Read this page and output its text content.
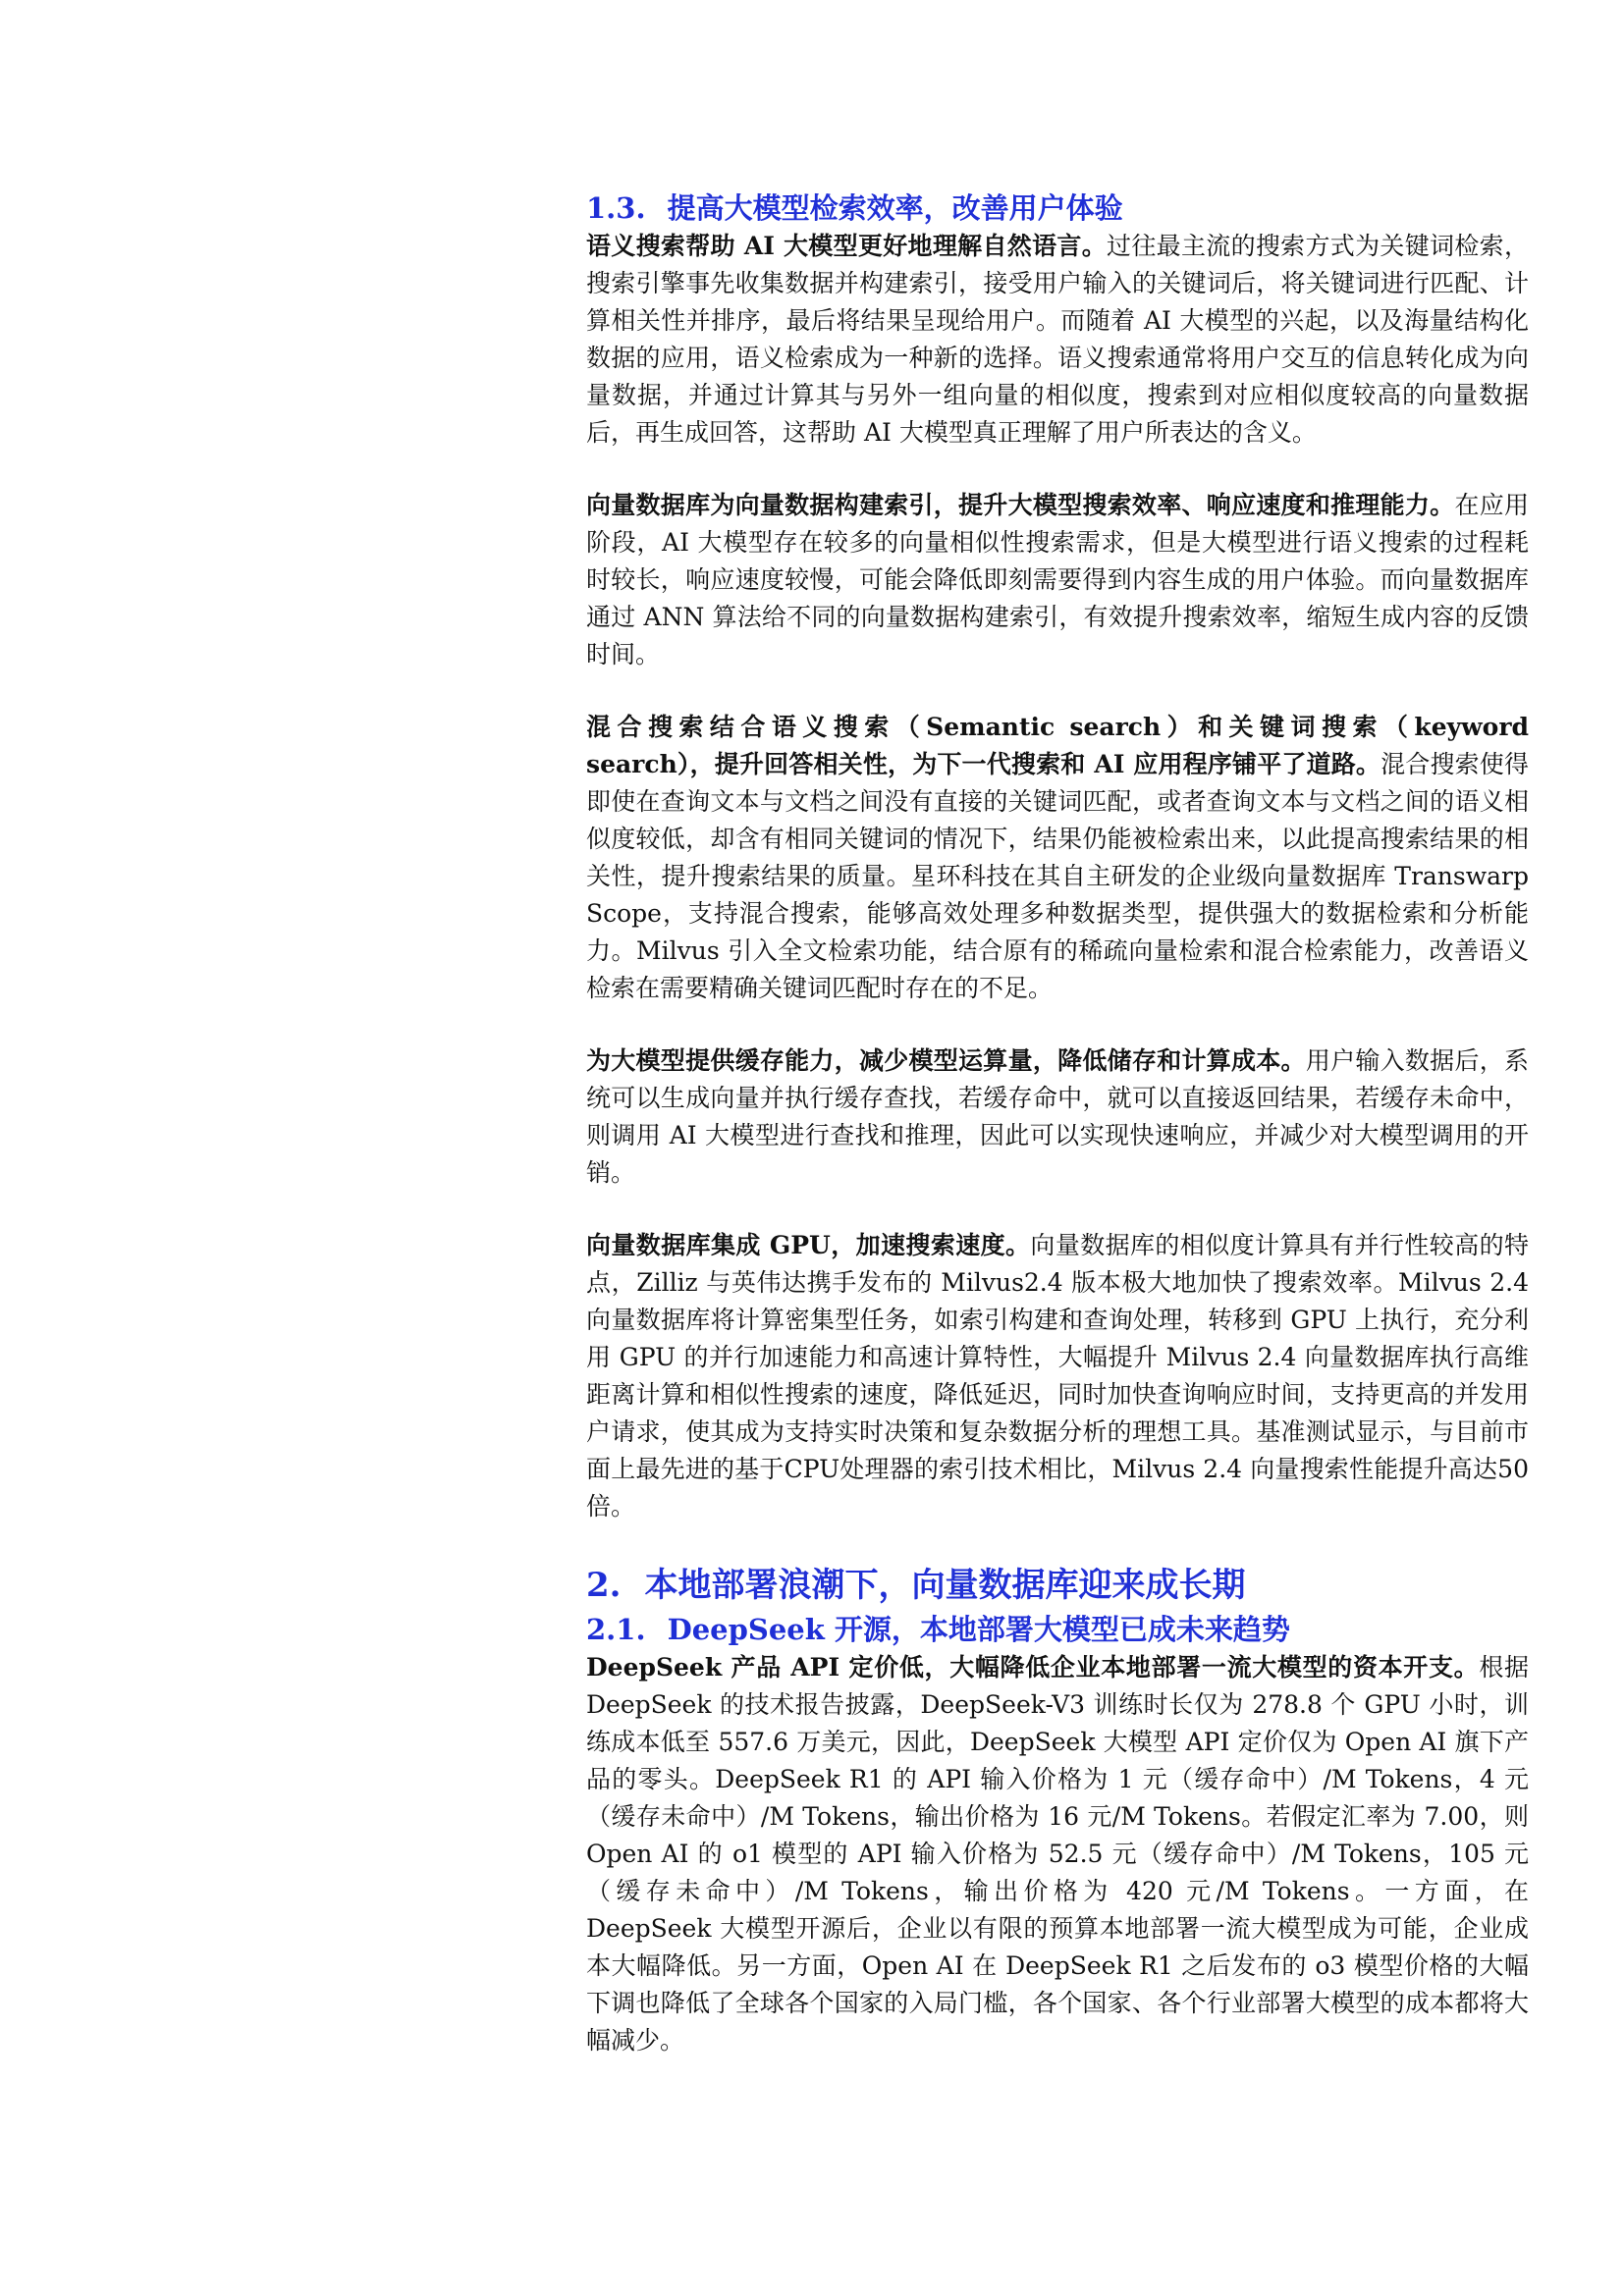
1.3. 提高大模型检索效率，改善用户体验

语义搜索帮助 AI 大模型更好地理解自然语言。过往最主流的搜索方式为关键词检索，搜索引擎事先收集数据并构建索引，接受用户输入的关键词后，将关键词进行匹配、计算相关性并排序，最后将结果呈现给用户。而随着 AI 大模型的兴起，以及海量结构化数据的应用，语义检索成为一种新的选择。语义搜索通常将用户交互的信息转化成为向量数据，并通过计算其与另外一组向量的相似度，搜索到对应相似度较高的向量数据后，再生成回答，这帮助 AI 大模型真正理解了用户所表达的含义。

向量数据库为向量数据构建索引，提升大模型搜索效率、响应速度和推理能力。在应用阶段，AI 大模型存在较多的向量相似性搜索需求，但是大模型进行语义搜索的过程耗时较长，响应速度较慢，可能会降低即刻需要得到内容生成的用户体验。而向量数据库通过 ANN 算法给不同的向量数据构建索引，有效提升搜索效率，缩短生成内容的反馈时间。

混合搜索结合语义搜索（Semantic search）和关键词搜索（keyword search），提升回答相关性，为下一代搜索和 AI 应用程序铺平了道路。混合搜索使得即使在查询文本与文档之间没有直接的关键词匹配，或者查询文本与文档之间的语义相似度较低，却含有相同关键词的情况下，结果仍能被检索出来，以此提高搜索结果的相关性，提升搜索结果的质量。星环科技在其自主研发的企业级向量数据库 Transwarp Scope，支持混合搜索，能够高效处理多种数据类型，提供强大的数据检索和分析能力。Milvus 引入全文检索功能，结合原有的稀疏向量检索和混合检索能力，改善语义检索在需要精确关键词匹配时存在的不足。

为大模型提供缓存能力，减少模型运算量，降低储存和计算成本。用户输入数据后，系统可以生成向量并执行缓存查找，若缓存命中，就可以直接返回结果，若缓存未命中，则调用 AI 大模型进行查找和推理，因此可以实现快速响应，并减少对大模型调用的开销。

向量数据库集成 GPU，加速搜索速度。向量数据库的相似度计算具有并行性较高的特点，Zilliz 与英伟达携手发布的 Milvus2.4 版本极大地加快了搜索效率。Milvus 2.4 向量数据库将计算密集型任务，如索引构建和查询处理，转移到 GPU 上执行，充分利用 GPU 的并行加速能力和高速计算特性，大幅提升 Milvus 2.4 向量数据库执行高维距离计算和相似性搜索的速度，降低延迟，同时加快查询响应时间，支持更高的并发用户请求，使其成为支持实时决策和复杂数据分析的理想工具。基准测试显示，与目前市面上最先进的基于CPU处理器的索引技术相比，Milvus 2.4 向量搜索性能提升高达50倍。

2. 本地部署浪潮下，向量数据库迎来成长期
2.1. DeepSeek 开源，本地部署大模型已成未来趋势

DeepSeek 产品 API 定价低，大幅降低企业本地部署一流大模型的资本开支。根据 DeepSeek 的技术报告披露，DeepSeek-V3 训练时长仅为 278.8 个 GPU 小时，训练成本低至 557.6 万美元，因此，DeepSeek 大模型 API 定价仅为 Open AI 旗下产品的零头。DeepSeek R1 的 API 输入价格为 1 元（缓存命中）/M Tokens，4 元（缓存未命中）/M Tokens，输出价格为 16 元/M Tokens。若假定汇率为 7.00，则 Open AI 的 o1 模型的 API 输入价格为 52.5 元（缓存命中）/M Tokens，105 元（缓存未命中）/M Tokens，输出价格为 420 元/M Tokens。一方面，在 DeepSeek 大模型开源后，企业以有限的预算本地部署一流大模型成为可能，企业成本大幅降低。另一方面，Open AI 在 DeepSeek R1 之后发布的 o3 模型价格的大幅下调也降低了全球各个国家的入局门槛，各个国家、各个行业部署大模型的成本都将大幅减少。
